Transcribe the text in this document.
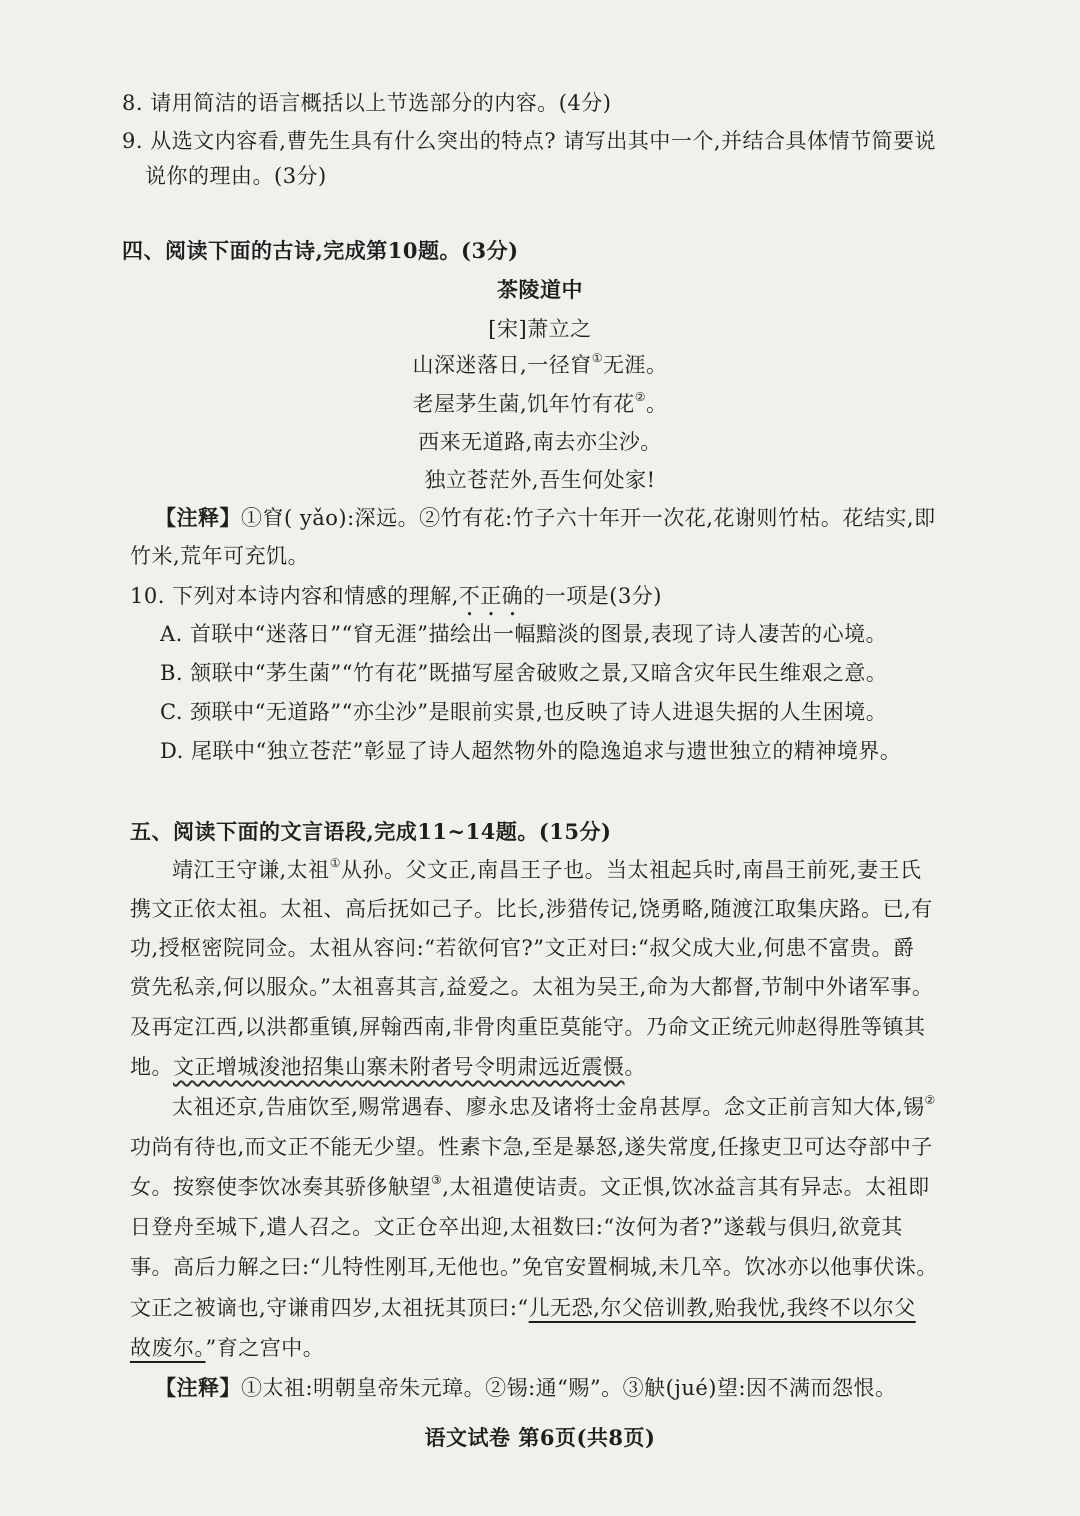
8. 请用简洁的语言概括以上节选部分的内容。(4分)
9. 从选文内容看,曹先生具有什么突出的特点? 请写出其中一个,并结合具体情节简要说
说你的理由。(3分)
四、阅读下面的古诗,完成第10题。(3分)
茶陵道中
[宋]萧立之
山深迷落日,一径窅①无涯。
老屋茅生菌,饥年竹有花②。
西来无道路,南去亦尘沙。
独立苍茫外,吾生何处家!
【注释】①窅( yǎo):深远。②竹有花:竹子六十年开一次花,花谢则竹枯。花结实,即
竹米,荒年可充饥。
10. 下列对本诗内容和情感的理解,不正确的一项是(3分)
A. 首联中“迷落日”“窅无涯”描绘出一幅黯淡的图景,表现了诗人凄苦的心境。
B. 颔联中“茅生菌”“竹有花”既描写屋舍破败之景,又暗含灾年民生维艰之意。
C. 颈联中“无道路”“亦尘沙”是眼前实景,也反映了诗人进退失据的人生困境。
D. 尾联中“独立苍茫”彰显了诗人超然物外的隐逸追求与遗世独立的精神境界。
五、阅读下面的文言语段,完成11~14题。(15分)
靖江王守谦,太祖①从孙。父文正,南昌王子也。当太祖起兵时,南昌王前死,妻王氏
携文正依太祖。太祖、高后抚如己子。比长,涉猎传记,饶勇略,随渡江取集庆路。已,有
功,授枢密院同佥。太祖从容问:“若欲何官?”文正对曰:“叔父成大业,何患不富贵。爵
赏先私亲,何以服众。”太祖喜其言,益爱之。太祖为吴王,命为大都督,节制中外诸军事。
及再定江西,以洪都重镇,屏翰西南,非骨肉重臣莫能守。乃命文正统元帅赵得胜等镇其
地。文正增城浚池招集山寨未附者号令明肃远近震慑。
太祖还京,告庙饮至,赐常遇春、廖永忠及诸将士金帛甚厚。念文正前言知大体,锡②
功尚有待也,而文正不能无少望。性素卞急,至是暴怒,遂失常度,任掾吏卫可达夺部中子
女。按察使李饮冰奏其骄侈觖望③,太祖遣使诘责。文正惧,饮冰益言其有异志。太祖即
日登舟至城下,遣人召之。文正仓卒出迎,太祖数曰:“汝何为者?”遂载与俱归,欲竟其
事。高后力解之曰:“儿特性刚耳,无他也。”免官安置桐城,未几卒。饮冰亦以他事伏诛。
文正之被谪也,守谦甫四岁,太祖抚其顶曰:“儿无恐,尔父倍训教,贻我忧,我终不以尔父
故废尔。”育之宫中。
【注释】①太祖:明朝皇帝朱元璋。②锡:通“赐”。③觖(jué)望:因不满而怨恨。
语文试卷 第6页(共8页)
